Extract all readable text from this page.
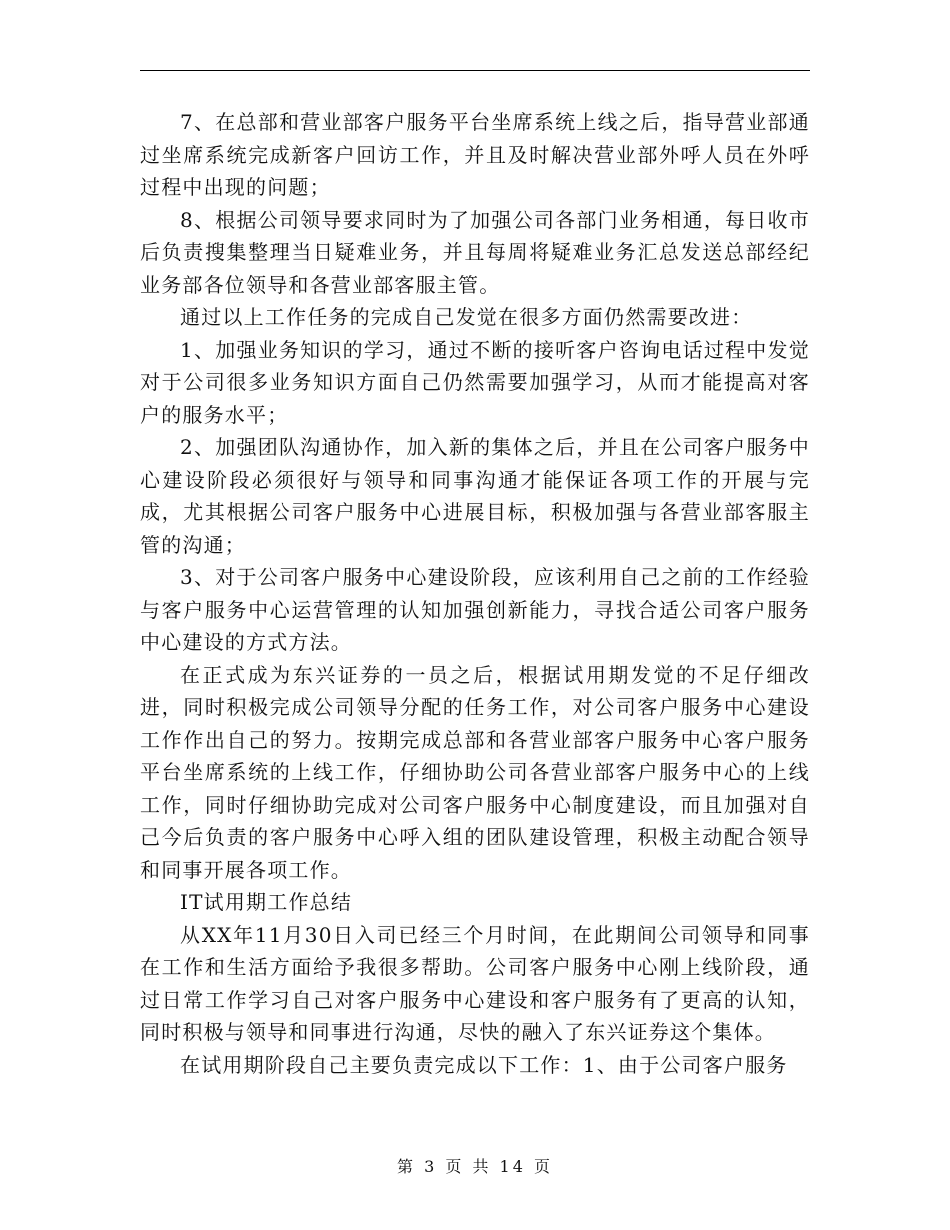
7、在总部和营业部客户服务平台坐席系统上线之后，指导营业部通过坐席系统完成新客户回访工作，并且及时解决营业部外呼人员在外呼过程中出现的问题；

8、根据公司领导要求同时为了加强公司各部门业务相通，每日收市后负责搜集整理当日疑难业务，并且每周将疑难业务汇总发送总部经纪业务部各位领导和各营业部客服主管。

通过以上工作任务的完成自己发觉在很多方面仍然需要改进：

1、加强业务知识的学习，通过不断的接听客户咨询电话过程中发觉对于公司很多业务知识方面自己仍然需要加强学习，从而才能提高对客户的服务水平；

2、加强团队沟通协作，加入新的集体之后，并且在公司客户服务中心建设阶段必须很好与领导和同事沟通才能保证各项工作的开展与完成，尤其根据公司客户服务中心进展目标，积极加强与各营业部客服主管的沟通；

3、对于公司客户服务中心建设阶段，应该利用自己之前的工作经验与客户服务中心运营管理的认知加强创新能力，寻找合适公司客户服务中心建设的方式方法。

在正式成为东兴证券的一员之后，根据试用期发觉的不足仔细改进，同时积极完成公司领导分配的任务工作，对公司客户服务中心建设工作作出自己的努力。按期完成总部和各营业部客户服务中心客户服务平台坐席系统的上线工作，仔细协助公司各营业部客户服务中心的上线工作，同时仔细协助完成对公司客户服务中心制度建设，而且加强对自己今后负责的客户服务中心呼入组的团队建设管理，积极主动配合领导和同事开展各项工作。

IT试用期工作总结

从XX年11月30日入司已经三个月时间，在此期间公司领导和同事在工作和生活方面给予我很多帮助。公司客户服务中心刚上线阶段，通过日常工作学习自己对客户服务中心建设和客户服务有了更高的认知，同时积极与领导和同事进行沟通，尽快的融入了东兴证券这个集体。

在试用期阶段自己主要负责完成以下工作：1、由于公司客户服务

第 3 页 共 14 页
